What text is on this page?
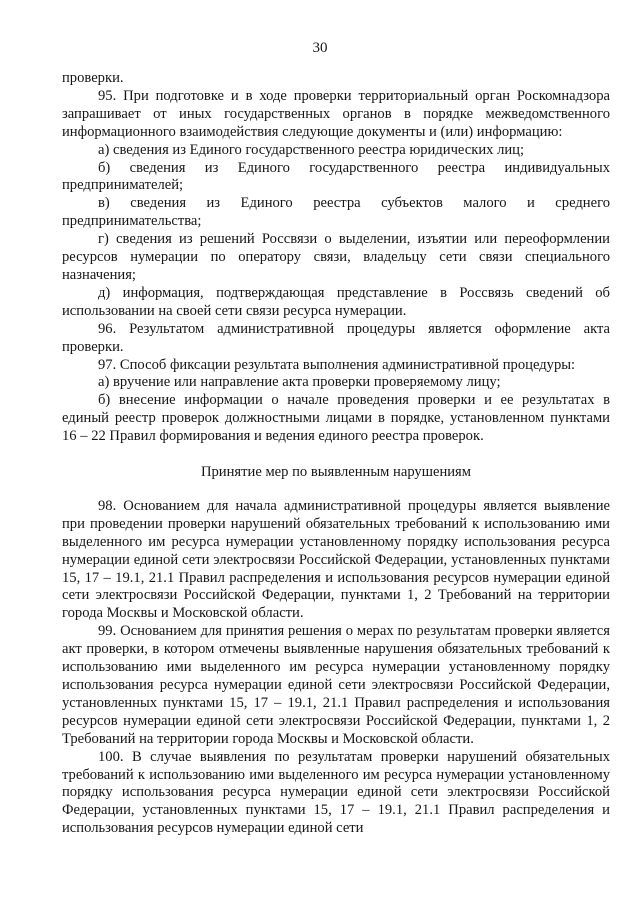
30

проверки.

95. При подготовке и в ходе проверки территориальный орган Роскомнадзора запрашивает от иных государственных органов в порядке межведомственного информационного взаимодействия следующие документы и (или) информацию:

а) сведения из Единого государственного реестра юридических лиц;

б) сведения из Единого государственного реестра индивидуальных предпринимателей;

в) сведения из Единого реестра субъектов малого и среднего предпринимательства;

г) сведения из решений Россвязи о выделении, изъятии или переоформлении ресурсов нумерации по оператору связи, владельцу сети связи специального назначения;

д) информация, подтверждающая представление в Россвязь сведений об использовании на своей сети связи ресурса нумерации.

96. Результатом административной процедуры является оформление акта проверки.

97. Способ фиксации результата выполнения административной процедуры:

а) вручение или направление акта проверки проверяемому лицу;

б) внесение информации о начале проведения проверки и ее результатах в единый реестр проверок должностными лицами в порядке, установленном пунктами 16 – 22 Правил формирования и ведения единого реестра проверок.

Принятие мер по выявленным нарушениям

98. Основанием для начала административной процедуры является выявление при проведении проверки нарушений обязательных требований к использованию ими выделенного им ресурса нумерации установленному порядку использования ресурса нумерации единой сети электросвязи Российской Федерации, установленных пунктами 15, 17 – 19.1, 21.1 Правил распределения и использования ресурсов нумерации единой сети электросвязи Российской Федерации, пунктами 1, 2 Требований на территории города Москвы и Московской области.

99. Основанием для принятия решения о мерах по результатам проверки является акт проверки, в котором отмечены выявленные нарушения обязательных требований к использованию ими выделенного им ресурса нумерации установленному порядку использования ресурса нумерации единой сети электросвязи Российской Федерации, установленных пунктами 15, 17 – 19.1, 21.1 Правил распределения и использования ресурсов нумерации единой сети электросвязи Российской Федерации, пунктами 1, 2 Требований на территории города Москвы и Московской области.

100. В случае выявления по результатам проверки нарушений обязательных требований к использованию ими выделенного им ресурса нумерации установленному порядку использования ресурса нумерации единой сети электросвязи Российской Федерации, установленных пунктами 15, 17 – 19.1, 21.1 Правил распределения и использования ресурсов нумерации единой сети
